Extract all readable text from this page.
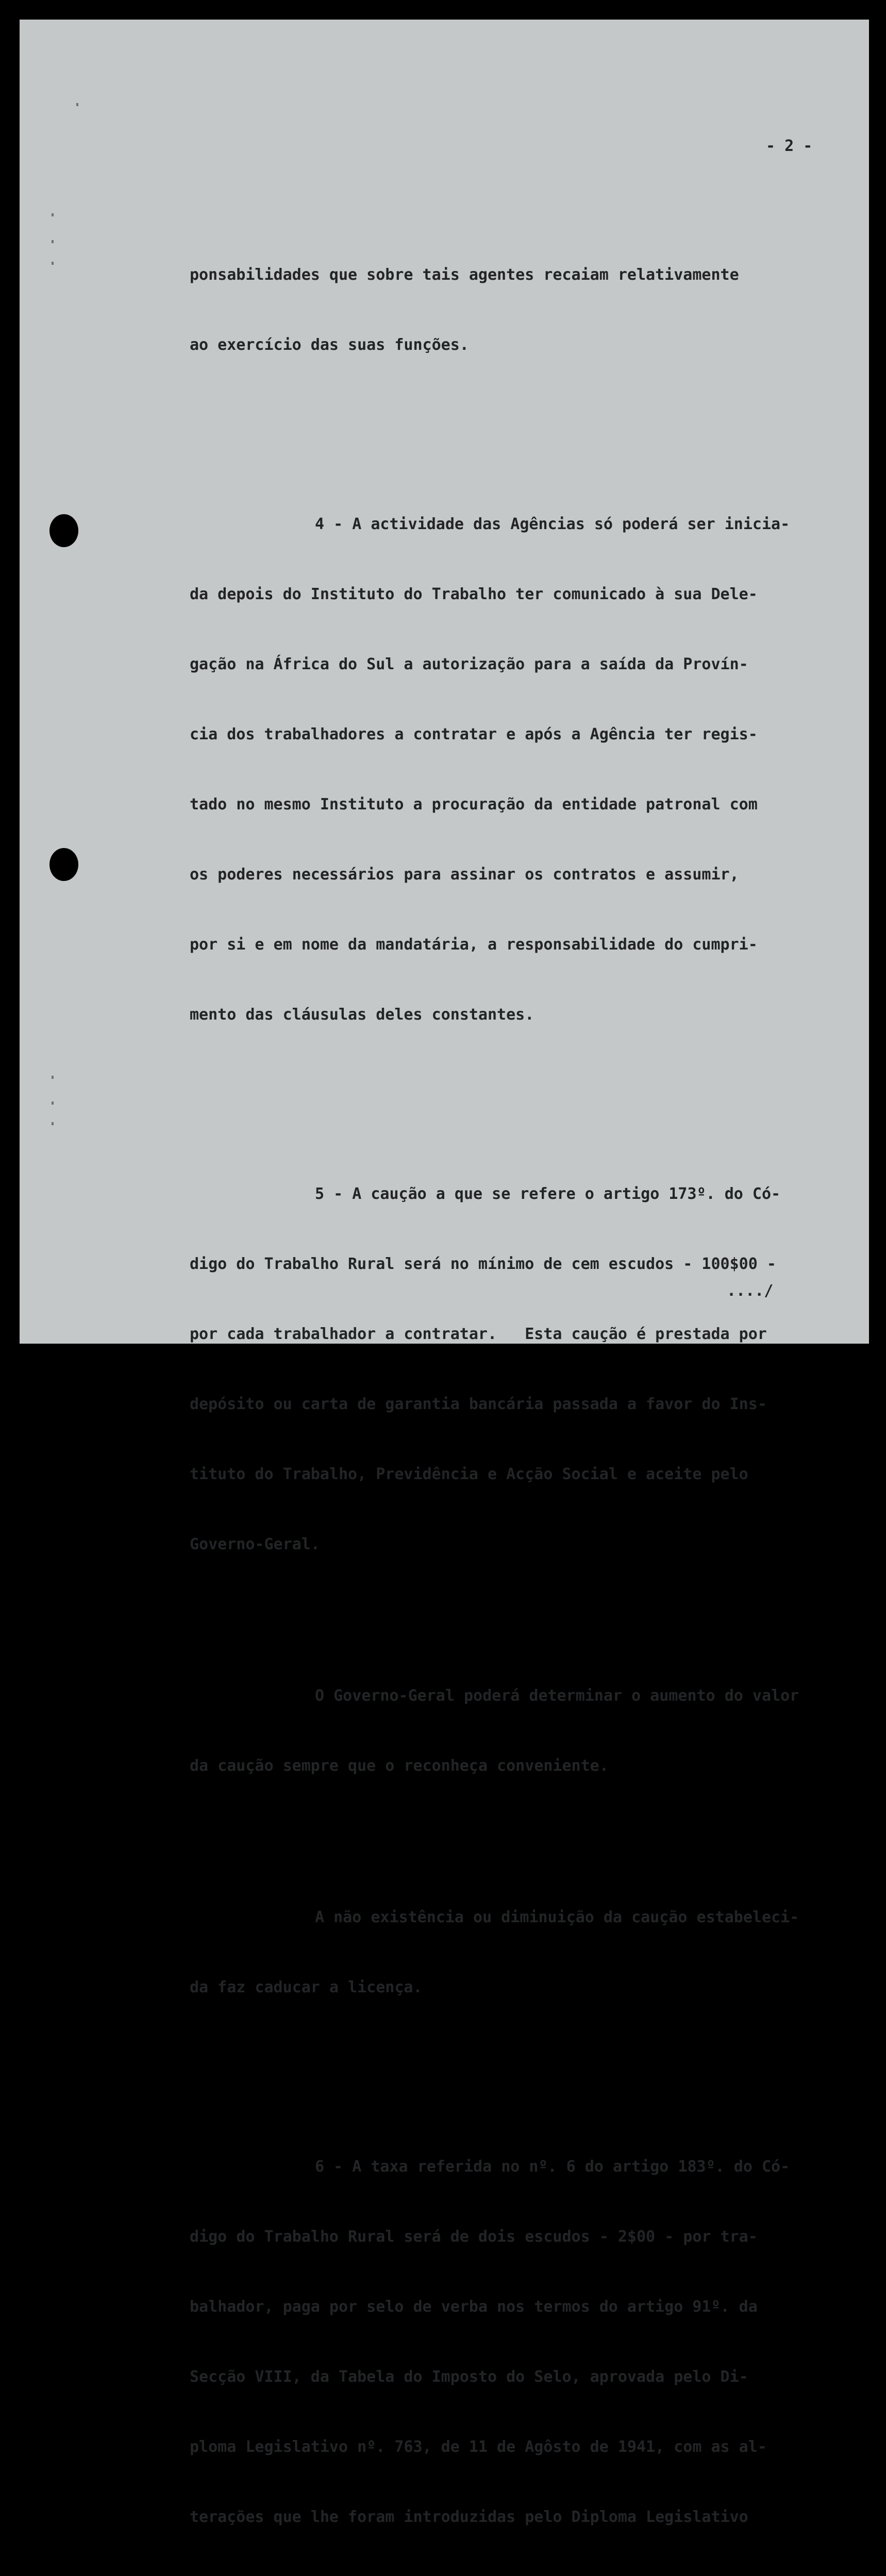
- 2 -

ponsabilidades que sobre tais agentes recaiam relativamente

ao exercício das suas funções.

4 - A actividade das Agências só poderá ser inicia-

da depois do Instituto do Trabalho ter comunicado à sua Dele-

gação na África do Sul a autorização para a saída da Provín-

cia dos trabalhadores a contratar e após a Agência ter regis-

tado no mesmo Instituto a procuração da entidade patronal com

os poderes necessários para assinar os contratos e assumir,

por si e em nome da mandatária, a responsabilidade do cumpri-

mento das cláusulas deles constantes.

5 - A caução a que se refere o artigo 173º. do Có-

digo do Trabalho Rural será no mínimo de cem escudos - 100$00 -

por cada trabalhador a contratar.   Esta caução é prestada por

depósito ou carta de garantia bancária passada a favor do Ins-

tituto do Trabalho, Previdência e Acção Social e aceite pelo

Governo-Geral.

O Governo-Geral poderá determinar o aumento do valor

da caução sempre que o reconheça conveniente.

A não existência ou diminuição da caução estabeleci-

da faz caducar a licença.

6 - A taxa referida no nº. 6 do artigo 183º. do Có-

digo do Trabalho Rural será de dois escudos - 2$00 - por tra-

balhador, paga por selo de verba nos termos do artigo 91º. da

Secção VIII, da Tabela do Imposto do Selo, aprovada pelo Di-

ploma Legislativo nº. 763, de 11 de Agôsto de 1941, com as al-

terações que lhe foram introduzidas pelo Diploma Legislativo

..../
